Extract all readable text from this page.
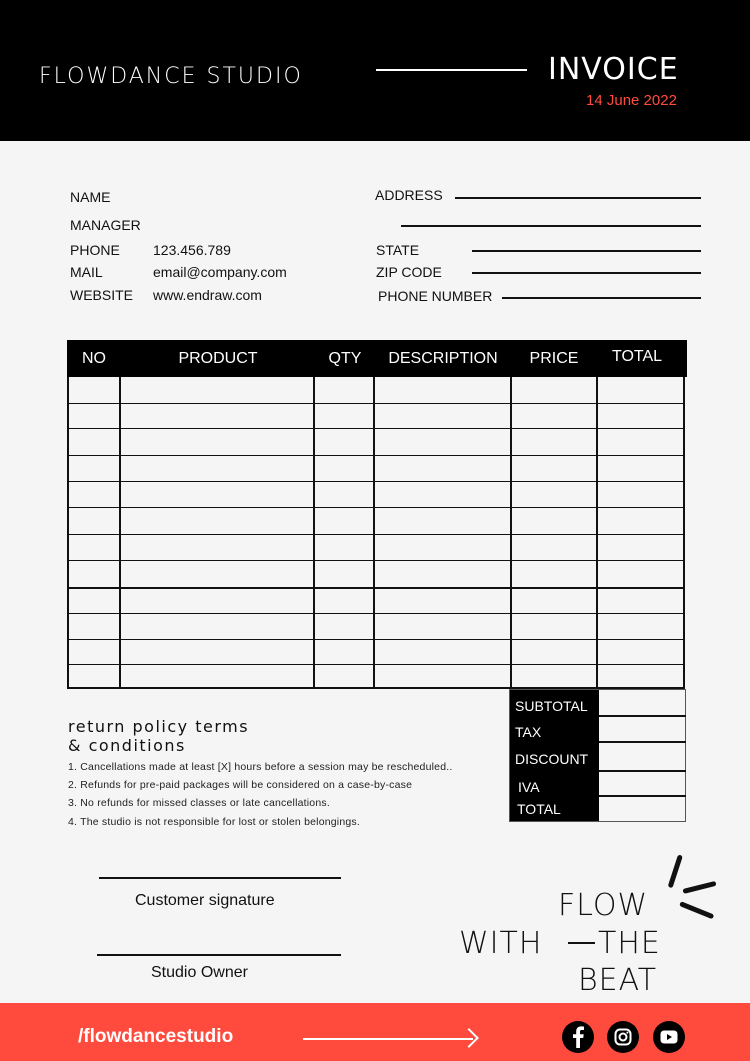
FLOWDANCE STUDIO	INVOICE
14 June 2022
NAME
MANAGER
PHONE 123.456.789
MAIL	email@company.com
WEBSITE www.endraw.com
ADDRESS
STATE
ZIP CODE
PHONE NUMBER
NO	PRODUCT	QTY	DESCRIPTION	PRICE	TOTAL
SUBTOTAL
TAX
DISCOUNT
IVA
TOTAL
return policy terms
& conditions
1. Cancellations made at least [X] hours before a session may be rescheduled..
2. Refunds for pre-paid packages will be considered on a case-by-case
3. No refunds for missed classes or late cancellations.
4. The studio is not responsible for lost or stolen belongings.
Customer signature
Studio Owner
FLOW
WITH THE
BEAT
/flowdancestudio
